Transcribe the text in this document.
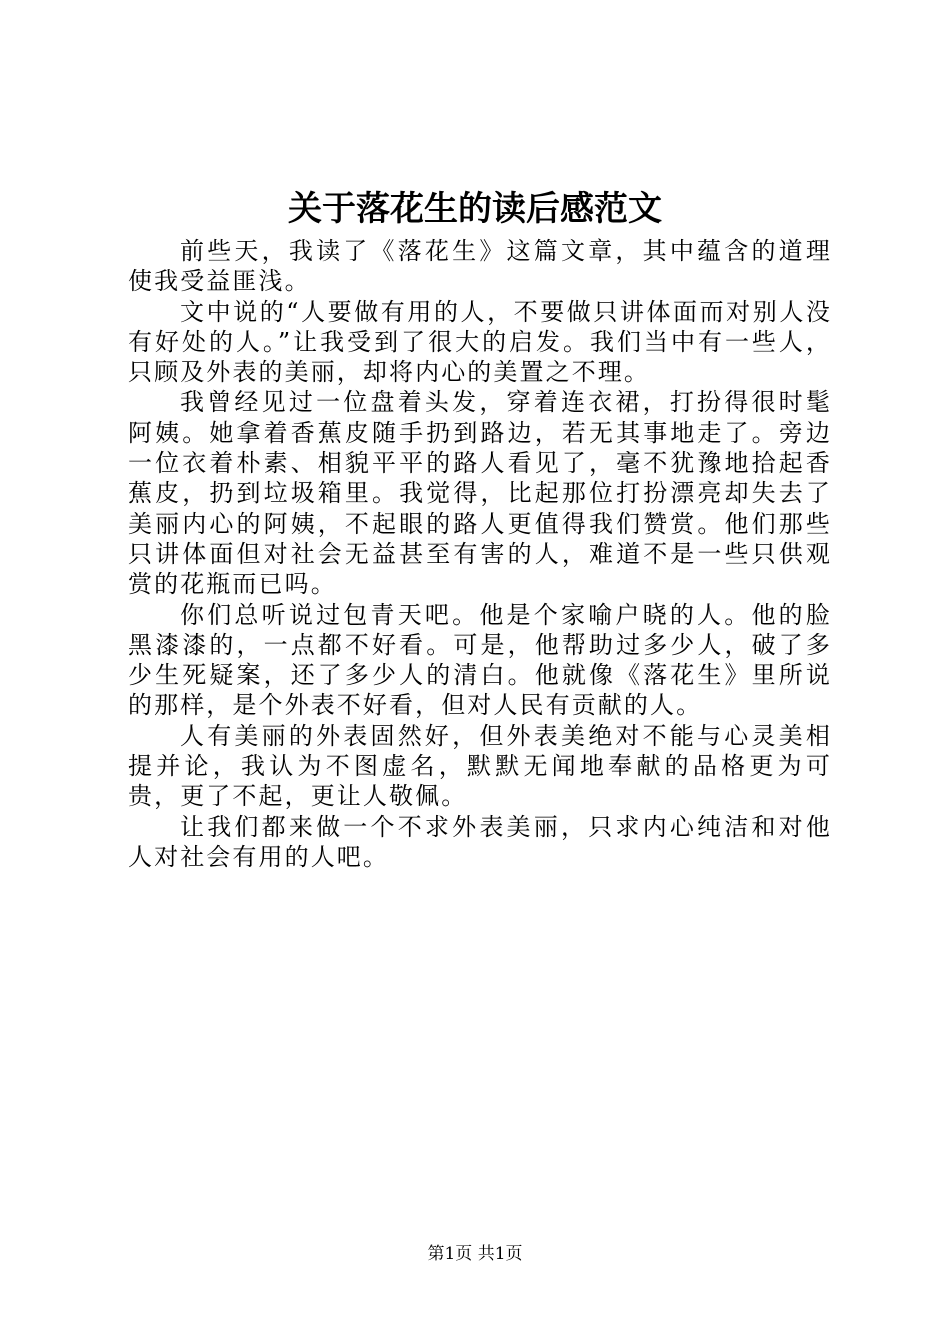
关于落花生的读后感范文

前些天，我读了《落花生》这篇文章，其中蕴含的道理使我受益匪浅。

文中说的“人要做有用的人，不要做只讲体面而对别人没有好处的人。”让我受到了很大的启发。我们当中有一些人，只顾及外表的美丽，却将内心的美置之不理。

我曾经见过一位盘着头发，穿着连衣裙，打扮得很时髦阿姨。她拿着香蕉皮随手扔到路边，若无其事地走了。旁边一位衣着朴素、相貌平平的路人看见了，毫不犹豫地拾起香蕉皮，扔到垃圾箱里。我觉得，比起那位打扮漂亮却失去了美丽内心的阿姨，不起眼的路人更值得我们赞赏。他们那些只讲体面但对社会无益甚至有害的人，难道不是一些只供观赏的花瓶而已吗。

你们总听说过包青天吧。他是个家喻户晓的人。他的脸黑漆漆的，一点都不好看。可是，他帮助过多少人，破了多少生死疑案，还了多少人的清白。他就像《落花生》里所说的那样，是个外表不好看，但对人民有贡献的人。

人有美丽的外表固然好，但外表美绝对不能与心灵美相提并论，我认为不图虚名，默默无闻地奉献的品格更为可贵，更了不起，更让人敬佩。

让我们都来做一个不求外表美丽，只求内心纯洁和对他人对社会有用的人吧。

第1页 共1页
